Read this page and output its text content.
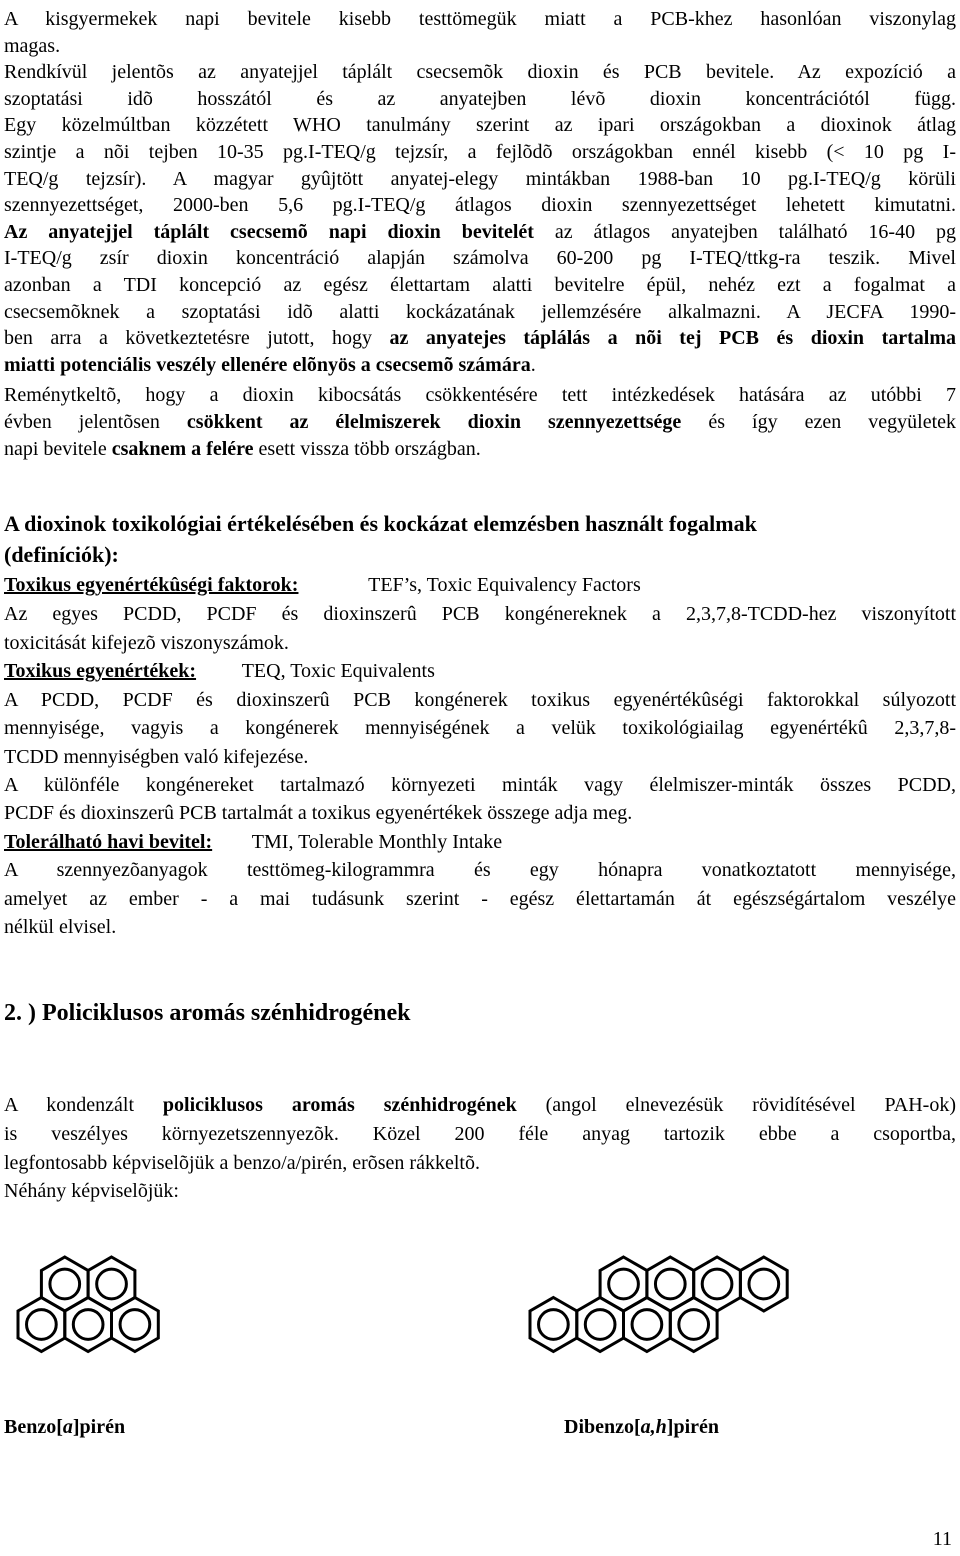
A kisgyermekek napi bevitele kisebb testtömegük miatt a PCB-khez hasonlóan viszonylag
magas.
Rendkívül jelentõs az anyatejjel táplált csecsemõk dioxin és PCB bevitele. Az expozíció a
szoptatási idõ hosszától és az anyatejben lévõ dioxin koncentrációtól függ.
Egy közelmúltban közzétett WHO tanulmány szerint az ipari országokban a dioxinok átlag
szintje a nõi tejben 10-35 pg.I-TEQ/g tejzsír, a fejlõdõ országokban ennél kisebb (< 10 pg I-
TEQ/g tejzsír). A magyar gyûjtött anyatej-elegy mintákban 1988-ban 10 pg.I-TEQ/g körüli
szennyezettséget, 2000-ben 5,6 pg.I-TEQ/g átlagos dioxin szennyezettséget lehetett kimutatni.
Az anyatejjel táplált csecsemõ napi dioxin bevitelét az átlagos anyatejben található 16-40 pg
I-TEQ/g zsír dioxin koncentráció alapján számolva 60-200 pg I-TEQ/ttkg-ra teszik. Mivel
azonban a TDI koncepció az egész élettartam alatti bevitelre épül, nehéz ezt a fogalmat a
csecsemõknek a szoptatási idõ alatti kockázatának jellemzésére alkalmazni. A JECFA 1990-
ben arra a következtetésre jutott, hogy az anyatejes táplálás a nõi tej PCB és dioxin tartalma
miatti potenciális veszély ellenére elõnyös a csecsemõ számára.
Reménytkeltõ, hogy a dioxin kibocsátás csökkentésére tett intézkedések hatására az utóbbi 7
évben jelentõsen csökkent az élelmiszerek dioxin szennyezettsége és így ezen vegyületek
napi bevitele csaknem a felére esett vissza több országban.
A dioxinok toxikológiai értékelésében és kockázat elemzésben használt fogalmak
(definíciók):
Toxikus egyenértékûségi faktorok:	TEF’s, Toxic Equivalency Factors
Az egyes PCDD, PCDF és dioxinszerû PCB kongénereknek a 2,3,7,8-TCDD-hez viszonyított
toxicitását kifejezõ viszonyszámok.
Toxikus egyenértékek: TEQ, Toxic Equivalents
A PCDD, PCDF és dioxinszerû PCB kongénerek toxikus egyenértékûségi faktorokkal súlyozott
mennyisége, vagyis a kongénerek mennyiségének a velük toxikológiailag egyenértékû 2,3,7,8-
TCDD mennyiségben való kifejezése.
A különféle kongénereket tartalmazó környezeti minták vagy élelmiszer-minták összes PCDD,
PCDF és dioxinszerû PCB tartalmát a toxikus egyenértékek összege adja meg.
Tolerálható havi bevitel: TMI, Tolerable Monthly Intake
A szennyezõanyagok testtömeg-kilogrammra és egy hónapra vonatkoztatott mennyisége,
amelyet az ember - a mai tudásunk szerint - egész élettartamán át egészségártalom veszélye
nélkül elvisel.
2. ) Policiklusos aromás szénhidrogének
A kondenzált policiklusos aromás szénhidrogének (angol elnevezésük rövidítésével PAH-ok)
is veszélyes környezetszennyezõk. Közel 200 féle anyag tartozik ebbe a csoportba,
legfontosabb képviselõjük a benzo/a/pirén, erõsen rákkeltõ.
Néhány képviselõjük:
Benzo[a]pirén	Dibenzo[a,h]pirén
11
